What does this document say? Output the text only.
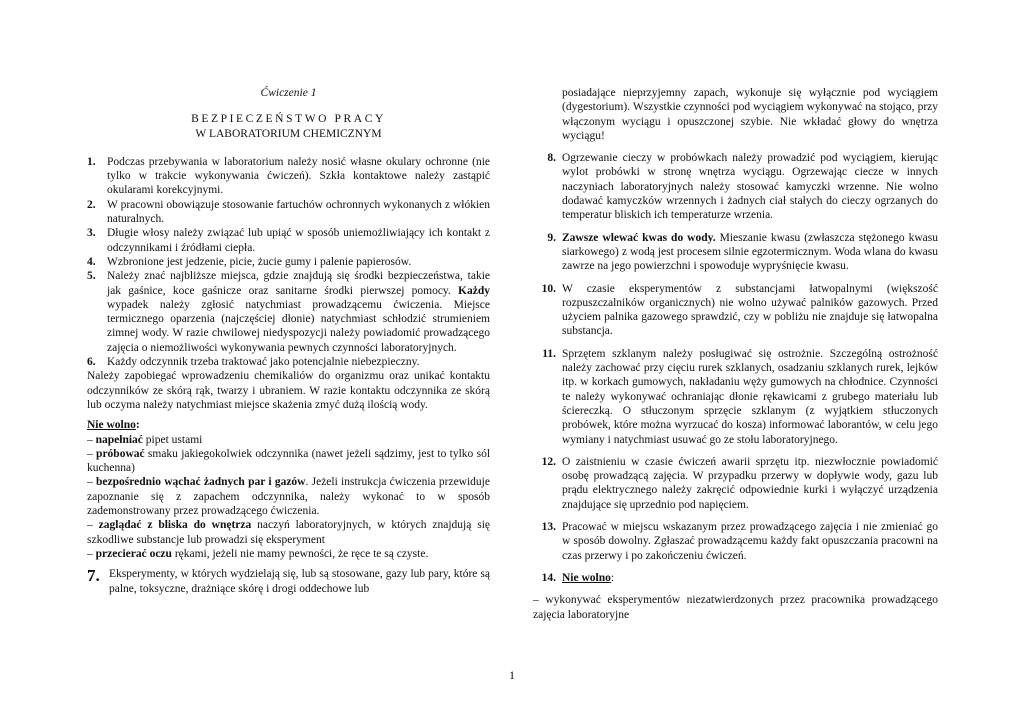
Ćwiczenie 1
BEZPIECZEŃSTWO PRACY
W LABORATORIUM CHEMICZNYM
1. Podczas przebywania w laboratorium należy nosić własne okulary ochronne (nie tylko w trakcie wykonywania ćwiczeń). Szkła kontaktowe należy zastąpić okularami korekcyjnymi.
2. W pracowni obowiązuje stosowanie fartuchów ochronnych wykonanych z włókien naturalnych.
3. Długie włosy należy związać lub upiąć w sposób uniemożliwiający ich kontakt z odczynnikami i źródłami ciepła.
4. Wzbronione jest jedzenie, picie, żucie gumy i palenie papierosów.
5. Należy znać najbliższe miejsca, gdzie znajdują się środki bezpieczeństwa, takie jak gaśnice, koce gaśnicze oraz sanitarne środki pierwszej pomocy. Każdy wypadek należy zgłosić natychmiast prowadzącemu ćwiczenia. Miejsce termicznego oparzenia (najczęściej dłonie) natychmiast schłodzić strumieniem zimnej wody. W razie chwilowej niedyspozycji należy powiadomić prowadzącego zajęcia o niemożliwości wykonywania pewnych czynności laboratoryjnych.
6. Każdy odczynnik trzeba traktować jako potencjalnie niebezpieczny.
Należy zapobiegać wprowadzeniu chemikaliów do organizmu oraz unikać kontaktu odczynników ze skórą rąk, twarzy i ubraniem. W razie kontaktu odczynnika ze skórą lub oczyma należy natychmiast miejsce skażenia zmyć dużą ilością wody.
Nie wolno:
– napełniać pipet ustami
– próbować smaku jakiegokolwiek odczynnika (nawet jeżeli sądzimy, jest to tylko sól kuchenna)
– bezpośrednio wąchać żadnych par i gazów. Jeżeli instrukcja ćwiczenia przewiduje zapoznanie się z zapachem odczynnika, należy wykonać to w sposób zademonstrowany przez prowadzącego ćwiczenia.
– zaglądać z bliska do wnętrza naczyń laboratoryjnych, w których znajdują się szkodliwe substancje lub prowadzi się eksperyment
– przecierać oczu rękami, jeżeli nie mamy pewności, że ręce te są czyste.
7. Eksperymenty, w których wydzielają się, lub są stosowane, gazy lub pary, które są palne, toksyczne, drażniące skórę i drogi oddechowe lub
posiadające nieprzyjemny zapach, wykonuje się wyłącznie pod wyciągiem (dygestorium). Wszystkie czynności pod wyciągiem wykonywać na stojąco, przy włączonym wyciągu i opuszczonej szybie. Nie wkładać głowy do wnętrza wyciągu!
8. Ogrzewanie cieczy w probówkach należy prowadzić pod wyciągiem, kierując wylot probówki w stronę wnętrza wyciągu. Ogrzewając ciecze w innych naczyniach laboratoryjnych należy stosować kamyczki wrzenne. Nie wolno dodawać kamyczków wrzennych i żadnych ciał stałych do cieczy ogrzanych do temperatur bliskich ich temperaturze wrzenia.
9. Zawsze wlewać kwas do wody. Mieszanie kwasu (zwłaszcza stężonego kwasu siarkowego) z wodą jest procesem silnie egzotermicznym. Woda wlana do kwasu zawrze na jego powierzchni i spowoduje wypryśnięcie kwasu.
10. W czasie eksperymentów z substancjami łatwopalnymi (większość rozpuszczalników organicznych) nie wolno używać palników gazowych. Przed użyciem palnika gazowego sprawdzić, czy w pobliżu nie znajduje się łatwopalna substancja.
11. Sprzętem szklanym należy posługiwać się ostrożnie. Szczególną ostrożność należy zachować przy cięciu rurek szklanych, osadzaniu szklanych rurek, lejków itp. w korkach gumowych, nakładaniu węży gumowych na chłodnice. Czynności te należy wykonywać ochraniając dłonie rękawicami z grubego materiału lub ściereczką. O stłuczonym sprzęcie szklanym (z wyjątkiem stłuczonych probówek, które można wyrzucać do kosza) informować laborantów, w celu jego wymiany i natychmiast usuwać go ze stołu laboratoryjnego.
12. O zaistnieniu w czasie ćwiczeń awarii sprzętu itp. niezwłocznie powiadomić osobę prowadzącą zajęcia. W przypadku przerwy w dopływie wody, gazu lub prądu elektrycznego należy zakręcić odpowiednie kurki i wyłączyć urządzenia znajdujące się uprzednio pod napięciem.
13. Pracować w miejscu wskazanym przez prowadzącego zajęcia i nie zmieniać go w sposób dowolny. Zgłaszać prowadzącemu każdy fakt opuszczania pracowni na czas przerwy i po zakończeniu ćwiczeń.
14. Nie wolno:
– wykonywać eksperymentów niezatwierdzonych przez pracownika prowadzącego zajęcia laboratoryjne
1
